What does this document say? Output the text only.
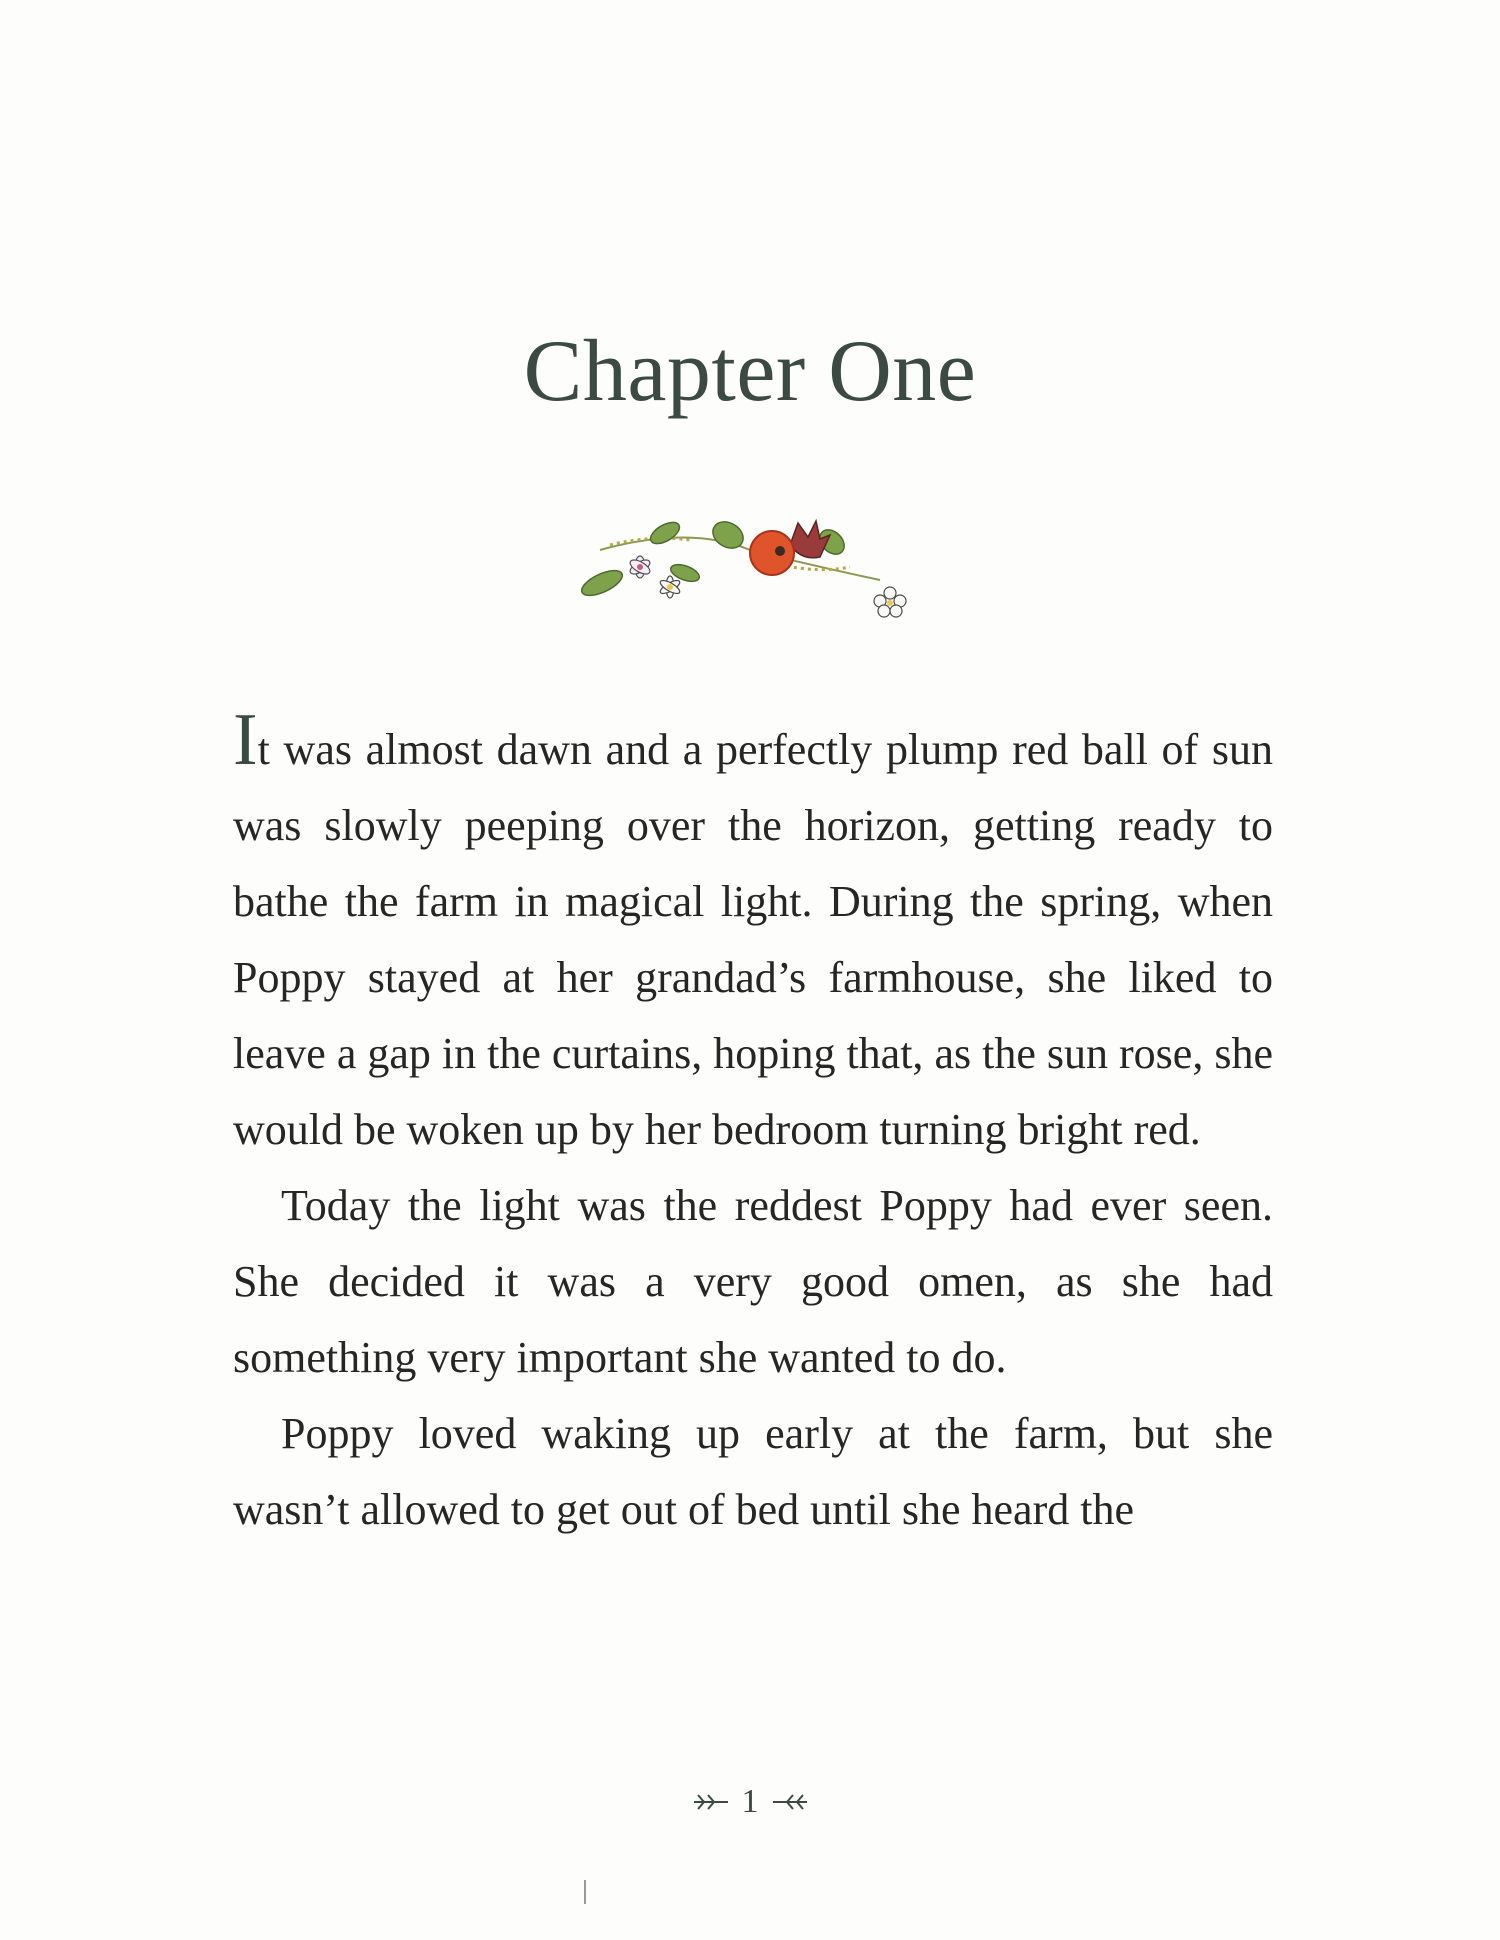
Chapter One

It was almost dawn and a perfectly plump red ball of sun was slowly peeping over the horizon, getting ready to bathe the farm in magical light. During the spring, when Poppy stayed at her grandad’s farmhouse, she liked to leave a gap in the curtains, hoping that, as the sun rose, she would be woken up by her bedroom turning bright red.

Today the light was the reddest Poppy had ever seen. She decided it was a very good omen, as she had something very important she wanted to do.

Poppy loved waking up early at the farm, but she wasn’t allowed to get out of bed until she heard the

1
